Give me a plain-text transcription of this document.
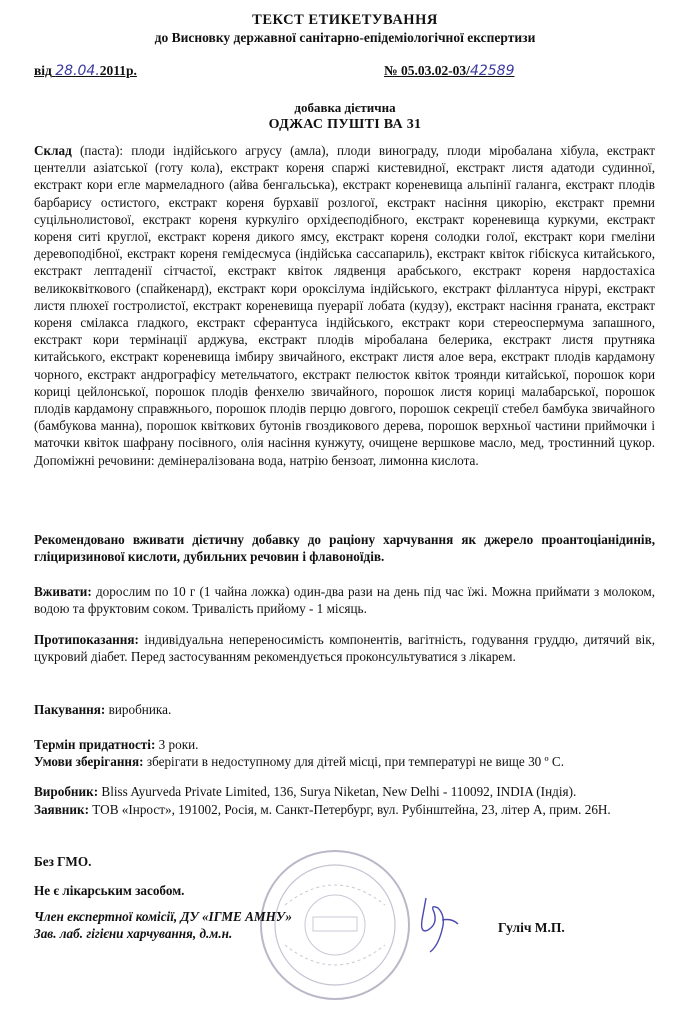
ТЕКСТ ЕТИКЕТУВАННЯ
до Висновку державної санітарно-епідеміологічної експертизи
від 28.04.2011р.	№ 05.03.02-03/42589
добавка дієтична
ОДЖАС ПУШТІ ВА 31
Склад (паста): плоди індійського агрусу (амла), плоди винограду, плоди міробалана хібула, екстракт центелли азіатської (готу кола), екстракт кореня спаржі кистевидної, екстракт листя адатоди судинної, екстракт кори егле мармеладного (айва бенгальська), екстракт кореневища альпінії галанга, екстракт плодів барбарису остистого, екстракт кореня бурхавії розлогої, екстракт насіння цикорію, екстракт премни суцільнолистової, екстракт кореня куркуліго орхідеєподібного, екстракт кореневища куркуми, екстракт кореня ситі круглої, екстракт кореня дикого ямсу, екстракт кореня солодки голої, екстракт кори гмеліни деревоподібної, екстракт кореня гемідесмуса (індійська сассапариль), екстракт квіток гібіскуса китайського, екстракт лептаденії сітчастої, екстракт квіток лядвенця арабського, екстракт кореня нардостахіса великоквіткового (спайкенард), екстракт кори ороксілума індійського, екстракт філлантуса нірурі, екстракт листя плюхеї гостролистої, екстракт кореневища пуерарії лобата (кудзу), екстракт насіння граната, екстракт кореня смілакса гладкого, екстракт сферантуса індійського, екстракт кори стереоспермума запашного, екстракт кори термінації арджува, екстракт плодів міробалана белерика, екстракт листя прутняка китайського, екстракт кореневища імбиру звичайного, екстракт листя алое вера, екстракт плодів кардамону чорного, екстракт андрографісу метельчатого, екстракт пелюсток квіток троянди китайської, порошок кори кориці цейлонської, порошок плодів фенхелю звичайного, порошок листя кориці малабарської, порошок плодів кардамону справжнього, порошок плодів перцю довгого, порошок секреції стебел бамбука звичайного (бамбукова манна), порошок квіткових бутонів гвоздикового дерева, порошок верхньої частини приймочки і маточки квіток шафрану посівного, олія насіння кунжуту, очищене вершкове масло, мед, тростинний цукор. Допоміжні речовини: демінералізована вода, натрію бензоат, лимонна кислота.
Рекомендовано вживати дієтичну добавку до раціону харчування як джерело проантоціанідинів, гліциризинової кислоти, дубильних речовин і флавоноїдів.
Вживати: дорослим по 10 г (1 чайна ложка) один-два рази на день під час їжі. Можна приймати з молоком, водою та фруктовим соком. Тривалість прийому - 1 місяць.
Протипоказання: індивідуальна непереносимість компонентів, вагітність, годування груддю, дитячий вік, цукровий діабет. Перед застосуванням рекомендується проконсультуватися з лікарем.
Пакування: виробника.
Термін придатності: 3 роки.
Умови зберігання: зберігати в недоступному для дітей місці, при температурі не вище 30 º С.
Виробник: Bliss Ayurveda Private Limited, 136, Surya Niketan, New Delhi - 110092, INDIA (Індія).
Заявник: ТОВ «Інрост», 191002, Росія, м. Санкт-Петербург, вул. Рубінштейна, 23, літер А, прим. 26Н.
Без ГМО.
Не є лікарським засобом.
Член експертної комісії, ДУ «ІГМЕ АМНУ»
Зав. лаб. гігієни харчування, д.м.н.	Гуліч М.П.
